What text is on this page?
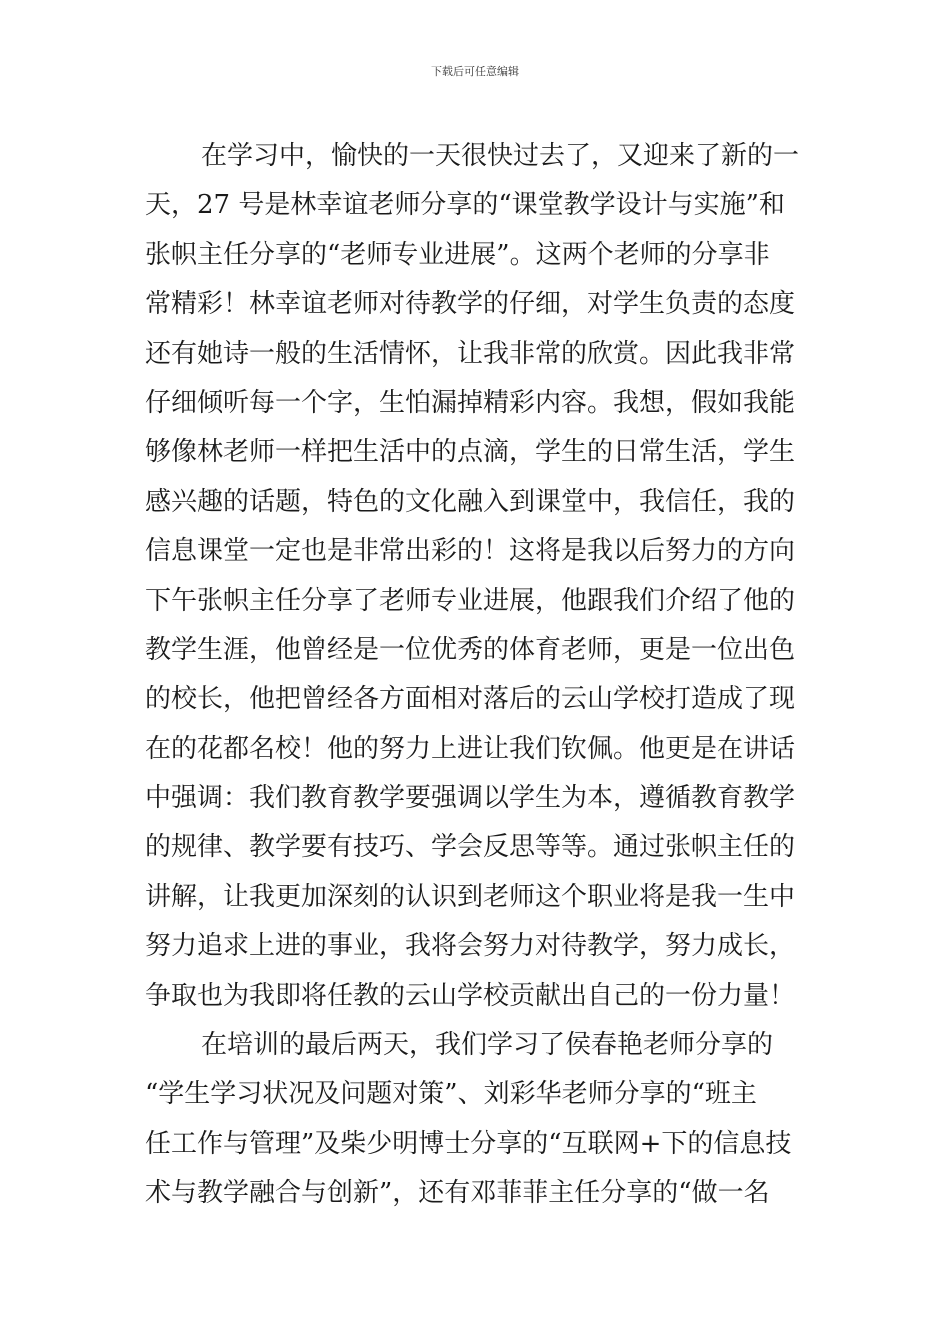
下载后可任意编辑
在学习中，愉快的一天很快过去了，又迎来了新的一
天，27 号是林幸谊老师分享的“课堂教学设计与实施”和
张帜主任分享的“老师专业进展”。这两个老师的分享非
常精彩！林幸谊老师对待教学的仔细，对学生负责的态度
还有她诗一般的生活情怀，让我非常的欣赏。因此我非常
仔细倾听每一个字，生怕漏掉精彩内容。我想，假如我能
够像林老师一样把生活中的点滴，学生的日常生活，学生
感兴趣的话题，特色的文化融入到课堂中，我信任，我的
信息课堂一定也是非常出彩的！这将是我以后努力的方向
下午张帜主任分享了老师专业进展，他跟我们介绍了他的
教学生涯，他曾经是一位优秀的体育老师，更是一位出色
的校长，他把曾经各方面相对落后的云山学校打造成了现
在的花都名校！他的努力上进让我们钦佩。他更是在讲话
中强调：我们教育教学要强调以学生为本，遵循教育教学
的规律、教学要有技巧、学会反思等等。通过张帜主任的
讲解，让我更加深刻的认识到老师这个职业将是我一生中
努力追求上进的事业，我将会努力对待教学，努力成长，
争取也为我即将任教的云山学校贡献出自己的一份力量！
在培训的最后两天，我们学习了侯春艳老师分享的
“学生学习状况及问题对策”、刘彩华老师分享的“班主
任工作与管理”及柴少明博士分享的“互联网+下的信息技
术与教学融合与创新”，还有邓菲菲主任分享的“做一名
